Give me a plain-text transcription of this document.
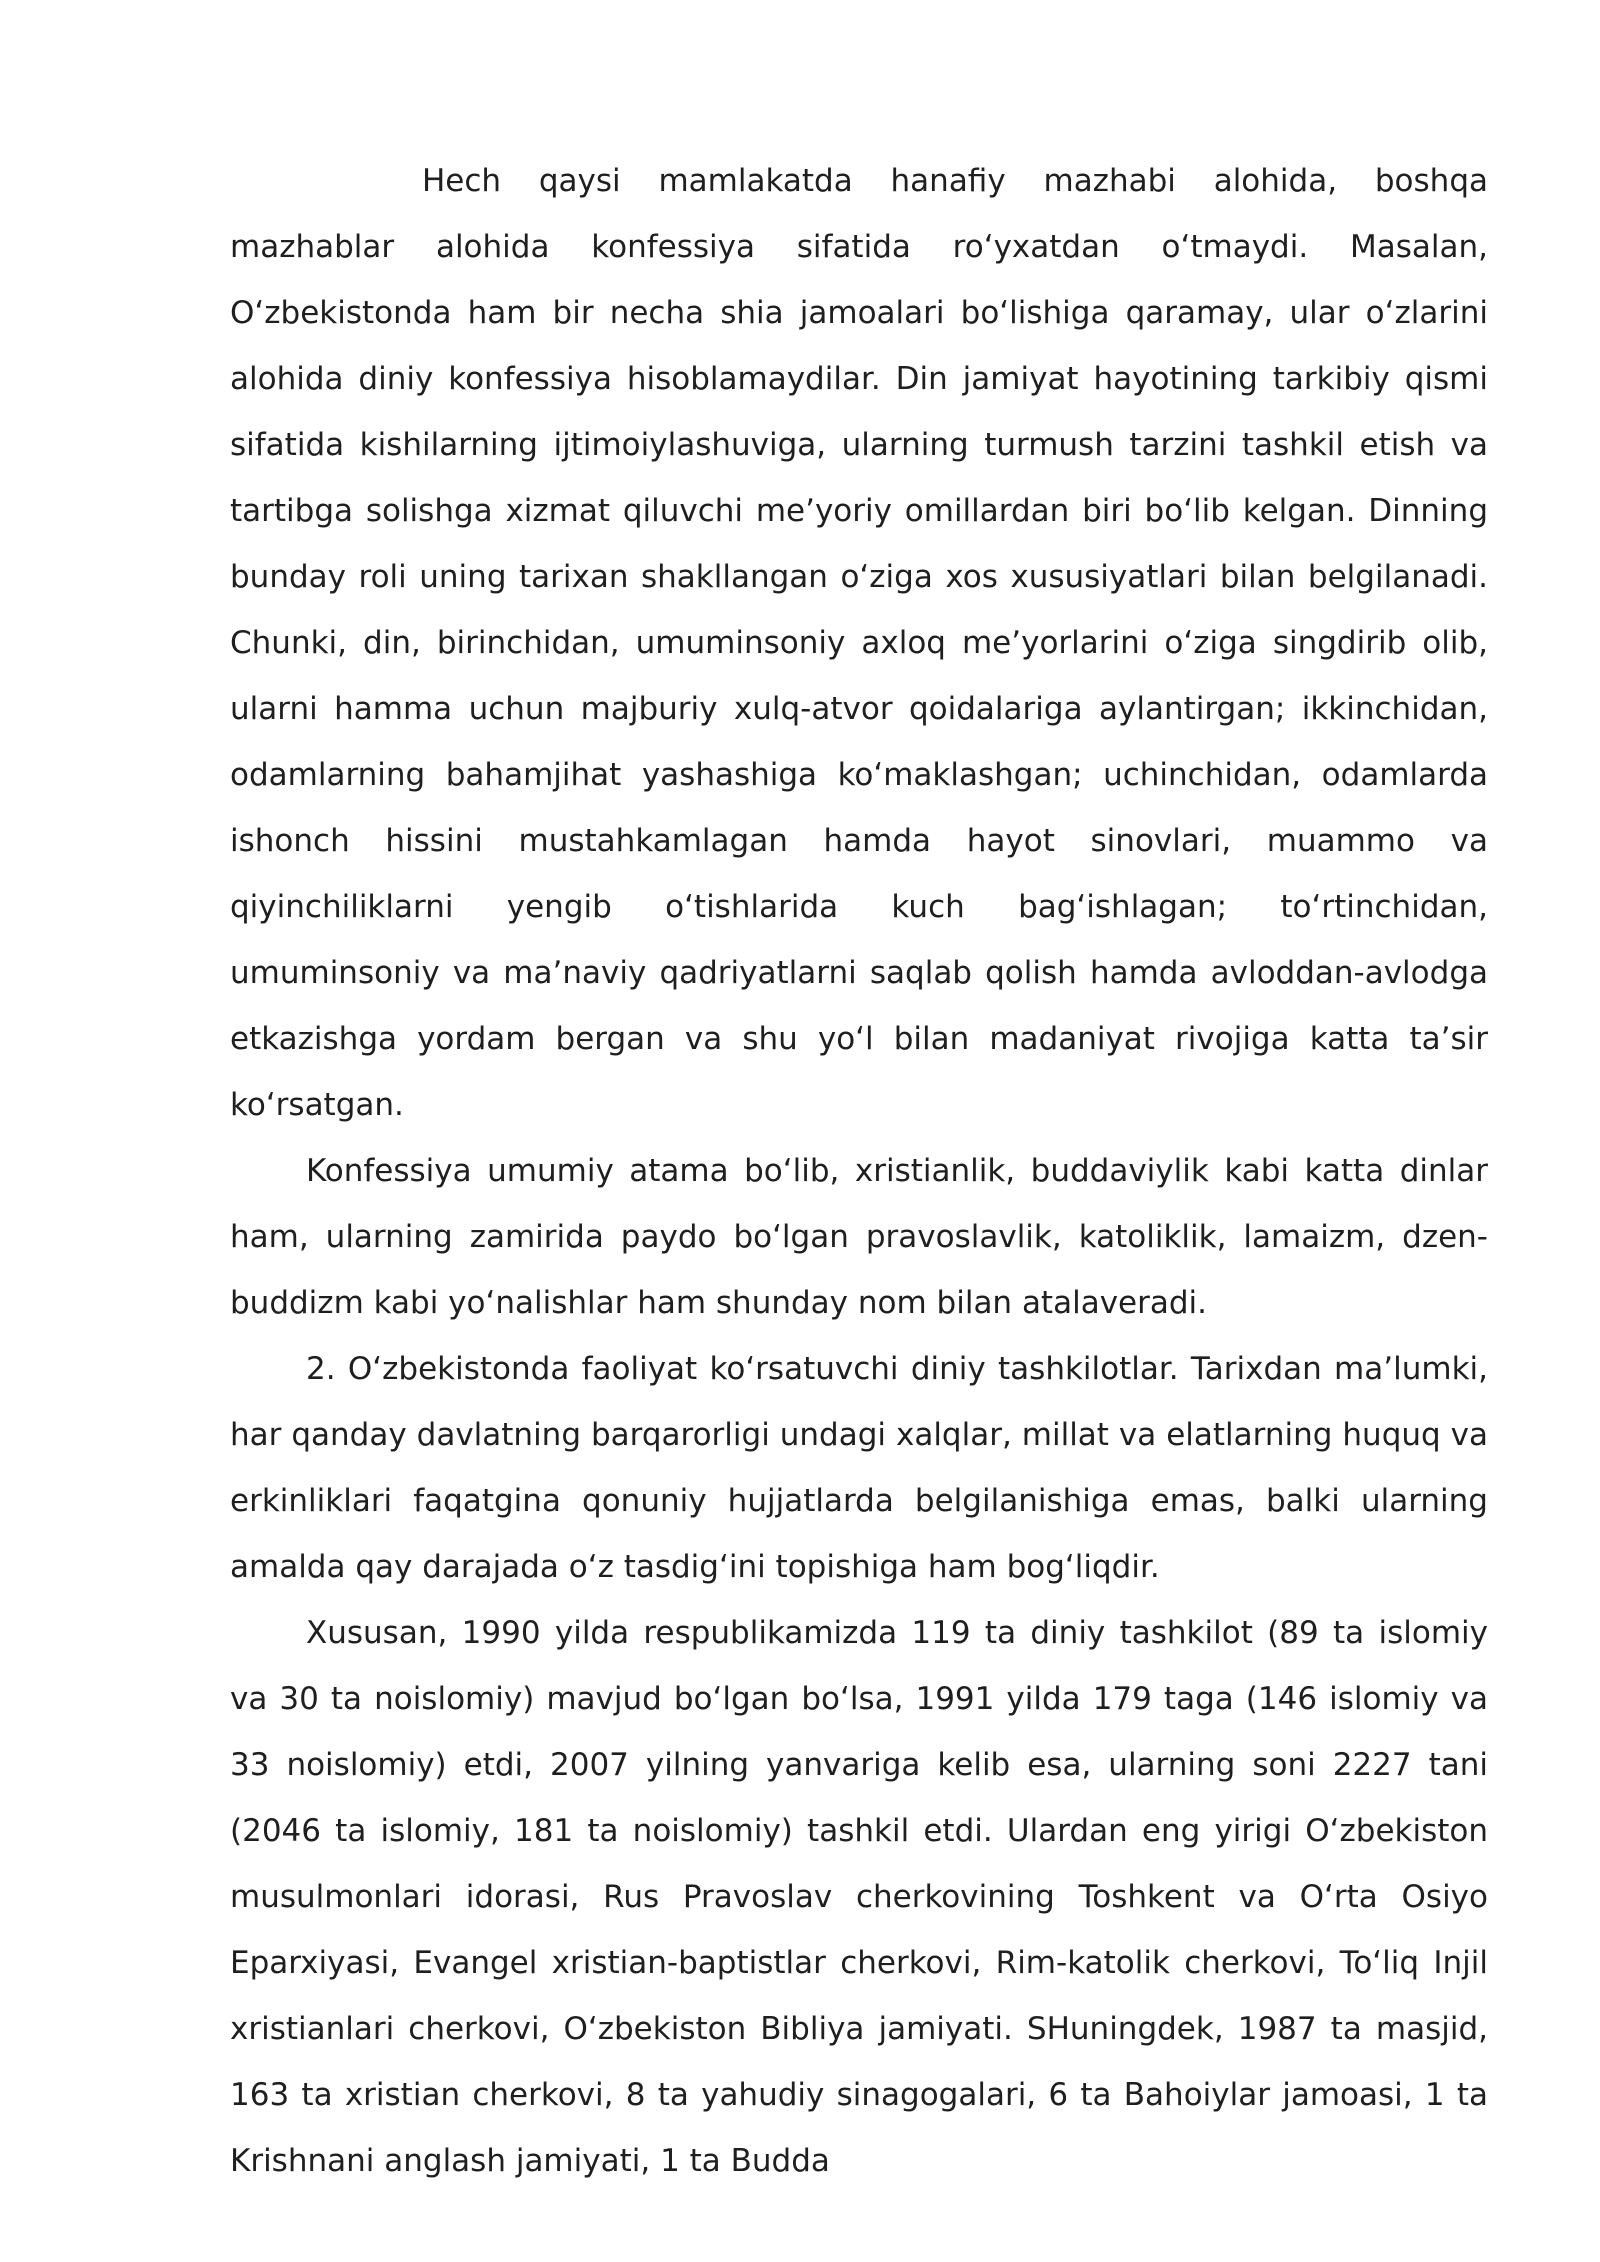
Hech qaysi mamlakatda hanafiy mazhabi alohida, boshqa mazhablar alohida konfessiya sifatida roʻyxatdan oʻtmaydi. Masalan, Oʻzbekistonda ham bir necha shia jamoalari boʻlishiga qaramay, ular oʻzlarini alohida diniy konfessiya hisoblamaydilar. Din jamiyat hayotining tarkibiy qismi sifatida kishilarning ijtimoiylashuviga, ularning turmush tarzini tashkil etish va tartibga solishga xizmat qiluvchi meʼyoriy omillardan biri boʻlib kelgan. Dinning bunday roli uning tarixan shakllangan oʻziga xos xususiyatlari bilan belgilanadi. Chunki, din, birinchidan, umuminsoniy axloq meʼyorlarini oʻziga singdirib olib, ularni hamma uchun majburiy xulq-atvor qoidalariga aylantirgan; ikkinchidan, odamlarning bahamjihat yashashiga koʻmaklashgan; uchinchidan, odamlarda ishonch hissini mustahkamlagan hamda hayot sinovlari, muammo va qiyinchiliklarni yengib oʻtishlarida kuch bagʻishlagan; toʻrtinchidan, umuminsoniy va maʼnaviy qadriyatlarni saqlab qolish hamda avloddan-avlodga etkazishga yordam bergan va shu yoʻl bilan madaniyat rivojiga katta taʼsir koʻrsatgan.

Konfessiya umumiy atama boʻlib, xristianlik, buddaviylik kabi katta dinlar ham, ularning zamirida paydo boʻlgan pravoslavlik, katoliklik, lamaizm, dzen-buddizm kabi yoʻnalishlar ham shunday nom bilan atalaveradi.

2. Oʻzbekistonda faoliyat koʻrsatuvchi diniy tashkilotlar. Tarixdan maʼlumki, har qanday davlatning barqarorligi undagi xalqlar, millat va elatlarning huquq va erkinliklari faqatgina qonuniy hujjatlarda belgilanishiga emas, balki ularning amalda qay darajada oʻz tasdigʻini topishiga ham bogʻliqdir.

Xususan, 1990 yilda respublikamizda 119 ta diniy tashkilot (89 ta islomiy va 30 ta noislomiy) mavjud boʻlgan boʻlsa, 1991 yilda 179 taga (146 islomiy va 33 noislomiy) etdi, 2007 yilning yanvariga kelib esa, ularning soni 2227 tani (2046 ta islomiy, 181 ta noislomiy) tashkil etdi. Ulardan eng yirigi Oʻzbekiston musulmonlari idorasi, Rus Pravoslav cherkovining Toshkent va Oʻrta Osiyo Eparxiyasi, Evangel xristian-baptistlar cherkovi, Rim-katolik cherkovi, Toʻliq Injil xristianlari cherkovi, Oʻzbekiston Bibliya jamiyati. SHuningdek, 1987 ta masjid, 163 ta xristian cherkovi, 8 ta yahudiy sinagogalari, 6 ta Bahoiylar jamoasi, 1 ta Krishnani anglash jamiyati, 1 ta Budda
